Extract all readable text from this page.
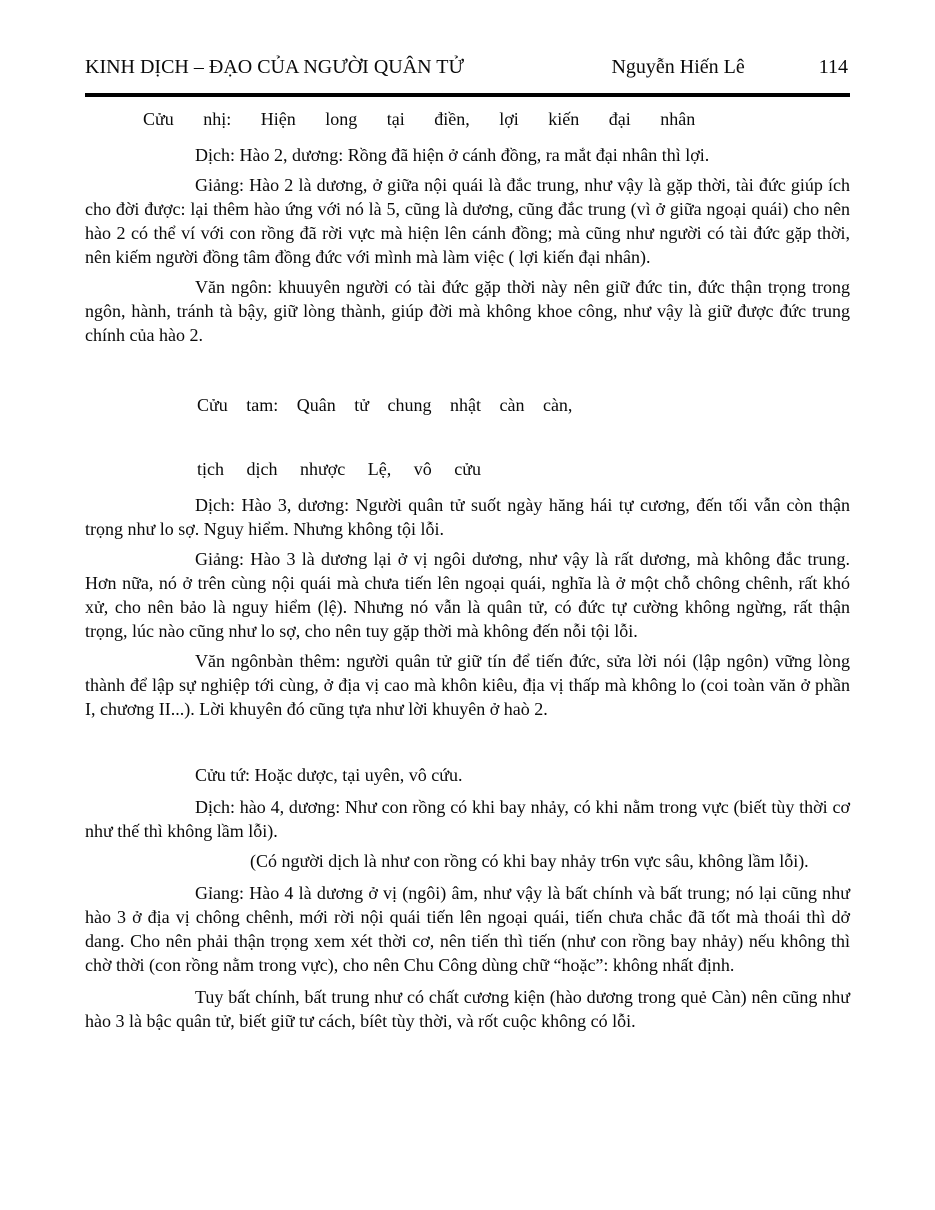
KINH DỊCH – ĐẠO CỦA NGƯỜI QUÂN TỬ	Nguyễn Hiến Lê	114

Cửu nhị: Hiện long tại điền, lợi kiến đại nhân

Dịch: Hào 2, dương: Rồng đã hiện ở cánh đồng, ra mắt đại nhân thì lợi.

Giảng: Hào 2 là dương, ở giữa nội quái là đắc trung, như vậy là gặp thời, tài đức giúp ích cho đời được: lại thêm hào ứng với nó là 5, cũng là dương, cũng đắc trung (vì ở giữa ngoại quái) cho nên hào 2 có thể ví với con rồng đã rời vực mà hiện lên cánh đồng; mà cũng như người có tài đức gặp thời, nên kiếm người đồng tâm đồng đức với mình mà làm việc ( lợi kiến đại nhân).

Văn ngôn: khuuyên người có tài đức gặp thời này nên giữ đức tin, đức thận trọng trong ngôn, hành, tránh tà bậy, giữ lòng thành, giúp đời mà không khoe công, như vậy là giữ được đức trung chính của hào 2.

Cửu tam: Quân tử chung nhật càn càn,

tịch dịch nhược Lệ, vô cửu

Dịch: Hào 3, dương: Người quân tử suốt ngày hăng hái tự cương, đến tối vẫn còn thận trọng như lo sợ. Nguy hiểm. Nhưng không tội lỗi.

Giảng: Hào 3 là dương lại ở vị ngôi dương, như vậy là rất dương, mà không đắc trung. Hơn nữa, nó ở trên cùng nội quái mà chưa tiến lên ngoại quái, nghĩa là ở một chỗ chông chênh, rất khó xử, cho nên bảo là nguy hiểm (lệ). Nhưng nó vẫn là quân tử, có đức tự cường không ngừng, rất thận trọng, lúc nào cũng như lo sợ, cho nên tuy gặp thời mà không đến nỗi tội lỗi.

Văn ngônbàn thêm: người quân tử giữ tín để tiến đức, sửa lời nói (lập ngôn) vững lòng thành để lập sự nghiệp tới cùng, ở địa vị cao mà khôn kiêu, địa vị thấp mà không lo (coi toàn văn ở phần I, chương II...). Lời khuyên đó cũng tựa như lời khuyên ở haò 2.

Cửu tứ: Hoặc dược, tại uyên, vô cứu.

Dịch: hào 4, dương: Như con rồng có khi bay nhảy, có khi nằm trong vực (biết tùy thời cơ như thế thì không lầm lỗi).

(Có người dịch là như con rồng có khi bay nhảy tr6n vực sâu, không lầm lỗi).

Gỉang: Hào 4 là dương ở vị (ngôi) âm, như vậy là bất chính và bất trung; nó lại cũng như hào 3 ở địa vị chông chênh, mới rời nội quái tiến lên ngoại quái, tiến chưa chắc đã tốt mà thoái thì dở dang. Cho nên phải thận trọng xem xét thời cơ, nên tiến thì tiến (như con rồng bay nhảy) nếu không thì chờ thời (con rồng nằm trong vực), cho nên Chu Công dùng chữ “hoặc”: không nhất định.

Tuy bất chính, bất trung như có chất cương kiện (hào dương trong quẻ Càn) nên cũng như hào 3 là bậc quân tử, biết giữ tư cách, bíêt tùy thời, và rốt cuộc không có lỗi.
